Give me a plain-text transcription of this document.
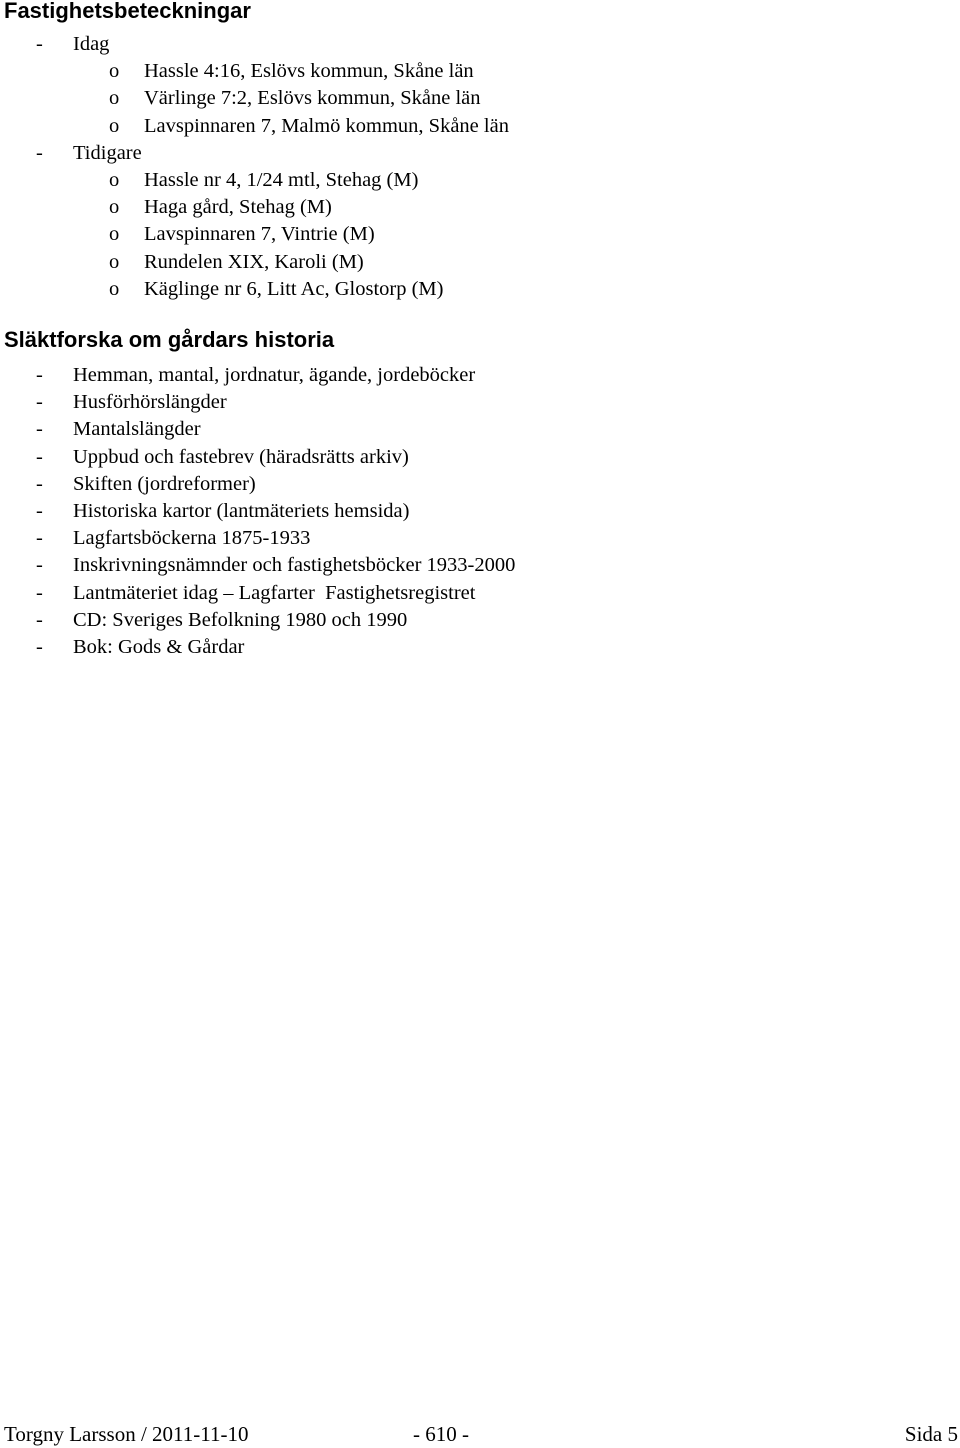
Fastighetsbeteckningar
- Idag
o Hassle 4:16, Eslövs kommun, Skåne län
o Värlinge 7:2, Eslövs kommun, Skåne län
o Lavspinnaren 7, Malmö kommun, Skåne län
- Tidigare
o Hassle nr 4, 1/24 mtl, Stehag (M)
o Haga gård, Stehag (M)
o Lavspinnaren 7, Vintrie (M)
o Rundelen XIX, Karoli (M)
o Käglinge nr 6, Litt Ac, Glostorp (M)
Släktforska om gårdars historia
- Hemman, mantal, jordnatur, ägande, jordeböcker
- Husförhörslängder
- Mantalslängder
- Uppbud och fastebrev (häradsrätts arkiv)
- Skiften (jordreformer)
- Historiska kartor (lantmäteriets hemsida)
- Lagfartsböckerna 1875-1933
- Inskrivningsnämnder och fastighetsböcker 1933-2000
- Lantmäteriet idag – Lagfarter  Fastighetsregistret
- CD: Sveriges Befolkning 1980 och 1990
- Bok: Gods & Gårdar
Torgny Larsson / 2011-11-10	- 610 -	Sida 5
